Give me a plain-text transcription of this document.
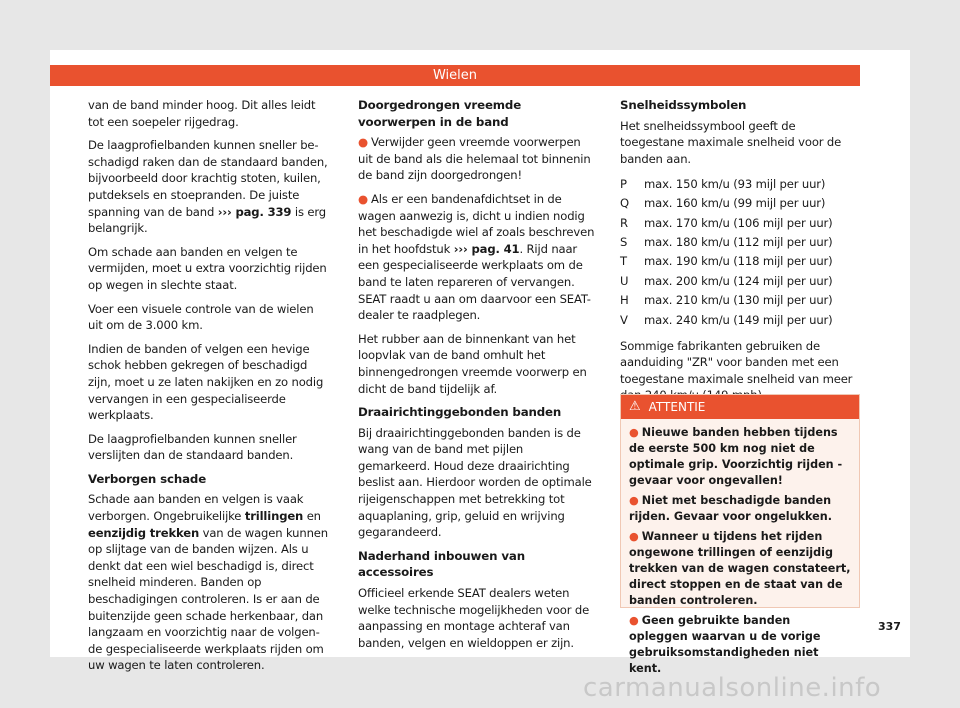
Wielen

van de band minder hoog. Dit alles leidt tot een soepeler rijgedrag.

De laagprofielbanden kunnen sneller beschadigd raken dan de standaard banden, bijvoorbeeld door krachtig stoten, kuilen, putdeksels en stoepranden. De juiste spanning van de band ››› pag. 339 is erg belangrijk.

Om schade aan banden en velgen te vermijden, moet u extra voorzichtig rijden op wegen in slechte staat.

Voer een visuele controle van de wielen uit om de 3.000 km.

Indien de banden of velgen een hevige schok hebben gekregen of beschadigd zijn, moet u ze laten nakijken en zo nodig vervangen in een gespecialiseerde werkplaats.

De laagprofielbanden kunnen sneller verslijten dan de standaard banden.

Verborgen schade

Schade aan banden en velgen is vaak verborgen. Ongebruikelijke trillingen en eenzijdig trekken van de wagen kunnen op slijtage van de banden wijzen. Als u denkt dat een wiel beschadigd is, direct snelheid minderen. Banden op beschadigingen controleren. Is er aan de buitenzijde geen schade herkenbaar, dan langzaam en voorzichtig naar de volgende gespecialiseerde werkplaats rijden om uw wagen te laten controleren.

Doorgedrongen vreemde voorwerpen in de band

● Verwijder geen vreemde voorwerpen uit de band als die helemaal tot binnenin de band zijn doorgedrongen!

● Als er een bandenafdichtset in de wagen aanwezig is, dicht u indien nodig het beschadigde wiel af zoals beschreven in het hoofdstuk ››› pag. 41. Rijd naar een gespecialiseerde werkplaats om de band te laten repareren of vervangen. SEAT raadt u aan om daarvoor een SEAT-dealer te raadplegen.

Het rubber aan de binnenkant van het loopvlak van de band omhult het binnengedrongen vreemde voorwerp en dicht de band tijdelijk af.

Draairichtinggebonden banden

Bij draairichtinggebonden banden is de wang van de band met pijlen gemarkeerd. Houd deze draairichting beslist aan. Hierdoor worden de optimale rijeigenschappen met betrekking tot aquaplaning, grip, geluid en wrijving gegarandeerd.

Naderhand inbouwen van accessoires

Officieel erkende SEAT dealers weten welke technische mogelijkheden voor de aanpassing en montage achteraf van banden, velgen en wieldoppen er zijn.

Snelheidssymbolen

Het snelheidssymbool geeft de toegestane maximale snelheid voor de banden aan.

P	max. 150 km/u (93 mijl per uur)
Q	max. 160 km/u (99 mijl per uur)
R	max. 170 km/u (106 mijl per uur)
S	max. 180 km/u (112 mijl per uur)
T	max. 190 km/u (118 mijl per uur)
U	max. 200 km/u (124 mijl per uur)
H	max. 210 km/u (130 mijl per uur)
V	max. 240 km/u (149 mijl per uur)

Sommige fabrikanten gebruiken de aanduiding "ZR" voor banden met een toegestane maximale snelheid van meer

⚠ ATTENTIE

● Nieuwe banden hebben tijdens de eerste 500 km nog niet de optimale grip. Voorzichtig rijden - gevaar voor ongevallen!

● Niet met beschadigde banden rijden. Gevaar voor ongelukken.

● Wanneer u tijdens het rijden ongewone trillingen of eenzijdig trekken van de wagen constateert, direct stoppen en de staat van de banden controleren.

● Geen gebruikte banden opleggen waarvan u de vorige gebruiksomstandigheden niet kent.

337
carmanualsonline.info
